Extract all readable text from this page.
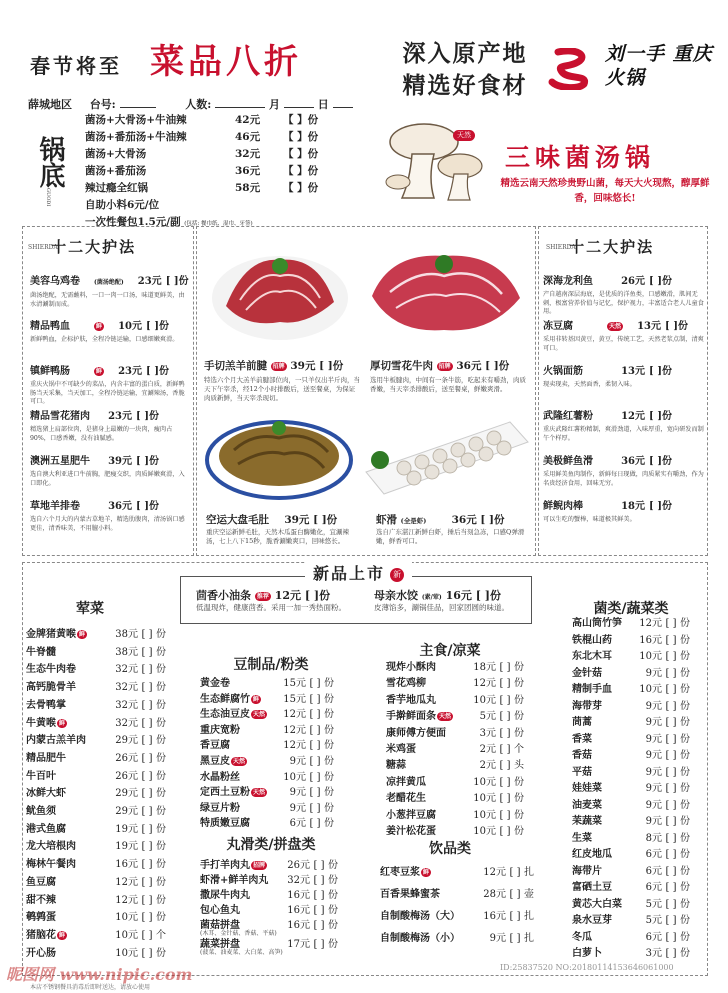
春节将至 菜品八折	深入原产地
精选好食材
刘一手 重庆火锅
薛城地区 台号:	人数:	月	日
锅底
GUODI
菌汤+大骨汤+牛油辣	42元 【 】份
菌汤+番茄汤+牛油辣	46元 【 】份
菌汤+大骨汤	32元 【 】份
菌汤+番茄汤	36元 【 】份
辣过瘾全红锅	58元 【 】份
自助小料6元/位
一次性餐包1.5元/副 (包括: 餐巾纸、湿巾、牙签)
天然
三味菌汤锅
精选云南天然珍贵野山菌，每天大火现熬，醇厚鲜香，回味悠长!
SHIERDA 十二大护法
美容乌鸡卷 (菌汤绝配) 23元 [ ]份
菌汤绝配，无需蘸料，一口一肉一口汤，味道更鲜美，由水清涮制而成。
精品鸭血	鲜 10元 [ ]份
新鲜鸭血，企标护肤，全程冷链运输，口感细嫩爽滑。
镇鲜鸭肠	鲜 23元 [ ]份
重庆火锅中不可缺少的菜品，内含丰富的蛋白质，新鲜鸭肠当天采集，当天加工，全程冷链运输，宜涮辣汤，香脆可口。
精品雪花猪肉 23元 [ ]份
精选猪上肩部位肉，是猪身上最嫩的一块肉，瘦肉占90%，口感香嫩，没有油腻感。
澳洲五星肥牛 39元 [ ]份
选自澳大利亚进口牛前胸，肥瘦交织，肉质鲜嫩爽滑，入口即化。
草地羊排卷	36元 [ ]份
选自六个月大的内蒙古草地羊，精选肋腹肉，清汤锅口感更佳，清香味美，不用膻小料。
SHIERDA 十二大护法
深海龙利鱼	26元 [ ]份
产自越南深层海底，是优质的洋鱼类，口感嫩滑，肌间无刺，极富营养价值与记忆，保护视力，丰富适合老人儿童食用。
冻豆腐	天然 13元 [ ]份
采用非转基因黄豆，黄豆，传统工艺，天然老浆点制，清爽可口。
火锅面筋	13元 [ ]份
现卖现卖，天然面香，柔韧入味。
武隆红薯粉	12元 [ ]份
重庆武隆红薯粉精制，爽滑劲道，入味厚重，宽向研发而制午个样厚。
美极鲜鱼滑	36元 [ ]份
采用鲜美鱼肉制作，新鲜每日现做，肉质紧实有嚼劲，作为名贵经济食用，回味无穷。
鲜鲵肉棒	18元 [ ]份
可以生吃的蟹棒，味道极其鲜美。
手切羔羊前腱 招牌 39元 [ ]份
特选六个月大羔羊前腱部位肉，一只羊仅出半斤肉，当天下午宰杀，经12个小时排酸后，送至餐桌，为保证肉质新鲜，当天宰杀现切。
厚切雪花牛肉 招牌 36元 [ ]份
选用牛板腱肉，中间有一条牛筋，吃起来有嚼劲，肉质香嫩，当天宰杀排酸后，送至餐桌，鲜嫩爽滑。
空运大盘毛肚 39元 [ ]份
重庆空运新鲜毛肚，天然木瓜蛋白酶嫩化，宜涮辣汤，七上八下15秒，脆香涮嫩爽口，回味悠长。
虾滑 (全是虾) 36元 [ ]份
选自广东湛江新鲜白虾，捶后当刻急冻，口感Q弹滑嫩，鲜香可口。
新品上市 新
茴香小油条 推荐 12元 [ ]份
低温现炸，健康茴香。采用一加一秀热面粉。
母亲水饺 (素/荤) 16元 [ ]份
皮薄馅多，涮锅佳品，回家团圆的味道。
荤菜	菌类/蔬菜类
豆制品/粉类
主食/凉菜
饮品类
丸滑类/拼盘类
金牌猪黄喉 鲜	38元 [ ] 份
牛脊髓	38元 [ ] 份
生态牛肉卷	32元 [ ] 份
高钙脆骨羊	32元 [ ] 份
去骨鸭掌	32元 [ ] 份
牛黄喉 鲜	32元 [ ] 份
内蒙古羔羊肉	29元 [ ] 份
精品肥牛	26元 [ ] 份
牛百叶	26元 [ ] 份
冰鲜大虾	29元 [ ] 份
鱿鱼须	29元 [ ] 份
港式鱼腐	19元 [ ] 份
龙大培根肉	19元 [ ] 份
梅林午餐肉	16元 [ ] 份
鱼豆腐	12元 [ ] 份
甜不辣	12元 [ ] 份
鹌鹑蛋	10元 [ ] 份
猪脑花 鲜	10元 [ ] 个
开心肠	10元 [ ] 份
黄金卷	15元 [ ] 份
生态鲜腐竹 鲜	15元 [ ] 份
生态油豆皮 天然	12元 [ ] 份
重庆宽粉	12元 [ ] 份
香豆腐	12元 [ ] 份
黑豆皮 天然	9元 [ ] 份
水晶粉丝	10元 [ ] 份
定西土豆粉 天然	9元 [ ] 份
绿豆片粉	9元 [ ] 份
特质嫩豆腐	6元 [ ] 份
手打羊肉丸 招牌	26元 [ ] 份
虾滑+鲜羊肉丸	32元 [ ] 份
撒尿牛肉丸	16元 [ ] 份
包心鱼丸	16元 [ ] 份
菌菇拼盘	16元 [ ] 份
(木耳、金针菇、香菇、平菇)
蔬菜拼盘	17元 [ ] 份
(菠菜、油麦菜、大白菜、高笋)
现炸小酥肉	18元 [ ] 份
雪花鸡柳	12元 [ ] 份
香芋地瓜丸	10元 [ ] 份
手擀鲜面条 天然	5元 [ ] 份
康师傅方便面	3元 [ ] 份
米鸡蛋	2元 [ ] 个
糖蒜	2元 [ ] 头
凉拌黄瓜	10元 [ ] 份
老醋花生	10元 [ ] 份
小葱拌豆腐	10元 [ ] 份
姜汁松花蛋	10元 [ ] 份
红枣豆浆 鲜	12元 [ ] 扎
百香果蜂蜜茶	28元 [ ] 壶
自制酸梅汤（大）	16元 [ ] 扎
自制酸梅汤（小）	9元 [ ] 扎
高山筒竹笋	12元 [ ] 份
铁棍山药	16元 [ ] 份
东北木耳	10元 [ ] 份
金针菇	9元 [ ] 份
精制手血	10元 [ ] 份
海带芽	9元 [ ] 份
茼蒿	9元 [ ] 份
香菜	9元 [ ] 份
香菇	9元 [ ] 份
平菇	9元 [ ] 份
娃娃菜	9元 [ ] 份
油麦菜	9元 [ ] 份
苿蔬菜	9元 [ ] 份
生菜	8元 [ ] 份
红皮地瓜	6元 [ ] 份
海带片	6元 [ ] 份
富硒土豆	6元 [ ] 份
黄芯大白菜	5元 [ ] 份
泉水豆芽	5元 [ ] 份
冬瓜	6元 [ ] 份
白萝卜	3元 [ ] 份
昵图网 www.nipic.com	ID:25837520 NO:20180114153646061000
本店不锈钢餐具消毒后即时送达，请放心使用
